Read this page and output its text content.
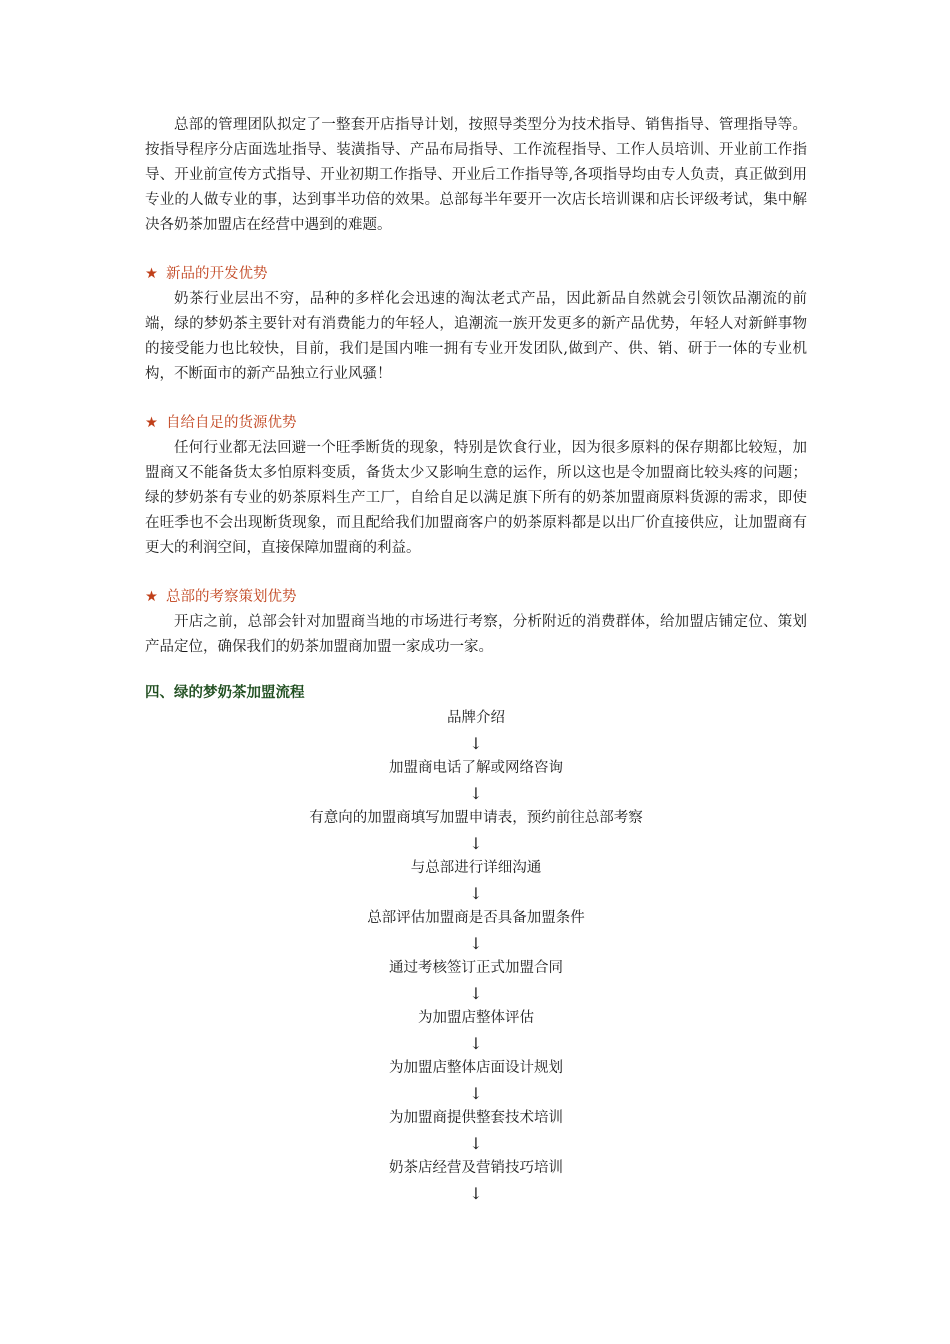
总部的管理团队拟定了一整套开店指导计划，按照导类型分为技术指导、销售指导、管理指导等。按指导程序分店面选址指导、装潢指导、产品布局指导、工作流程指导、工作人员培训、开业前工作指导、开业前宣传方式指导、开业初期工作指导、开业后工作指导等,各项指导均由专人负责，真正做到用专业的人做专业的事，达到事半功倍的效果。总部每半年要开一次店长培训课和店长评级考试，集中解决各奶茶加盟店在经营中遇到的难题。

★ 新品的开发优势

奶茶行业层出不穷，品种的多样化会迅速的淘汰老式产品，因此新品自然就会引领饮品潮流的前端，绿的梦奶茶主要针对有消费能力的年轻人，追潮流一族开发更多的新产品优势，年轻人对新鲜事物的接受能力也比较快，目前，我们是国内唯一拥有专业开发团队,做到产、供、销、研于一体的专业机构，不断面市的新产品独立行业风骚！

★ 自给自足的货源优势

任何行业都无法回避一个旺季断货的现象，特别是饮食行业，因为很多原料的保存期都比较短，加盟商又不能备货太多怕原料变质，备货太少又影响生意的运作，所以这也是令加盟商比较头疼的问题；绿的梦奶茶有专业的奶茶原料生产工厂，自给自足以满足旗下所有的奶茶加盟商原料货源的需求，即使在旺季也不会出现断货现象，而且配给我们加盟商客户的奶茶原料都是以出厂价直接供应，让加盟商有更大的利润空间，直接保障加盟商的利益。

★ 总部的考察策划优势

开店之前，总部会针对加盟商当地的市场进行考察，分析附近的消费群体，给加盟店铺定位、策划产品定位，确保我们的奶茶加盟商加盟一家成功一家。

四、绿的梦奶茶加盟流程
品牌介绍
↓
加盟商电话了解或网络咨询
↓
有意向的加盟商填写加盟申请表，预约前往总部考察
↓
与总部进行详细沟通
↓
总部评估加盟商是否具备加盟条件
↓
通过考核签订正式加盟合同
↓
为加盟店整体评估
↓
为加盟店整体店面设计规划
↓
为加盟商提供整套技术培训
↓
奶茶店经营及营销技巧培训
↓
